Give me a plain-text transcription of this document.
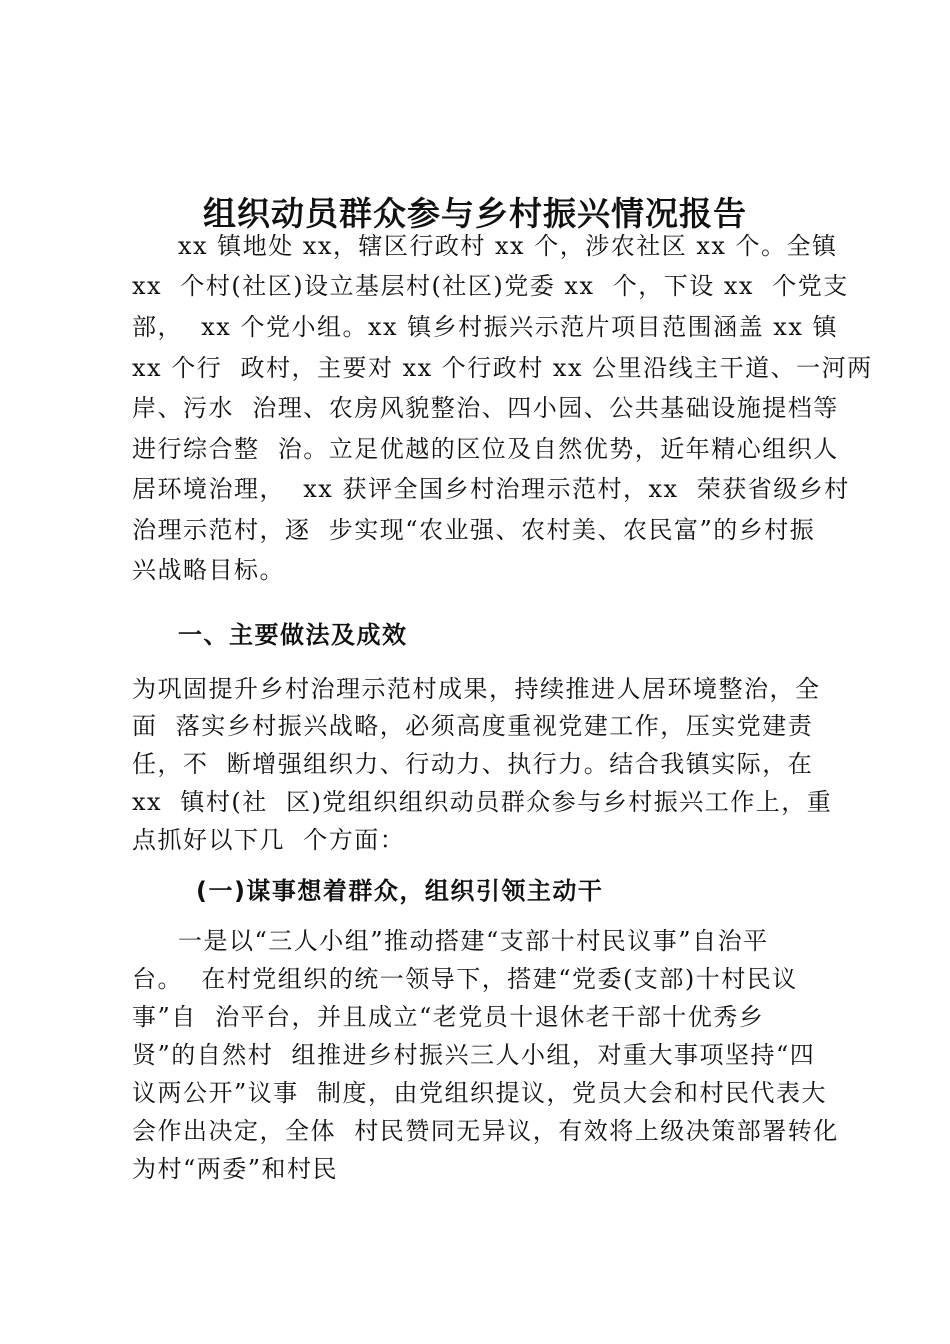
组织动员群众参与乡村振兴情况报告
xx 镇地处 xx，辖区行政村 xx 个，涉农社区 xx 个。全镇
xx  个村(社区)设立基层村(社区)党委 xx  个，下设 xx  个党支
部，  xx 个党小组。xx 镇乡村振兴示范片项目范围涵盖 xx 镇
xx 个行  政村，主要对 xx 个行政村 xx 公里沿线主干道、一河两
岸、污水  治理、农房风貌整治、四小园、公共基础设施提档等
进行综合整  治。立足优越的区位及自然优势，近年精心组织人
居环境治理，  xx 获评全国乡村治理示范村，xx  荣获省级乡村
治理示范村，逐  步实现“农业强、农村美、农民富”的乡村振
兴战略目标。
一、主要做法及成效
为巩固提升乡村治理示范村成果，持续推进人居环境整治，全
面  落实乡村振兴战略，必须高度重视党建工作，压实党建责
任，不  断增强组织力、行动力、执行力。结合我镇实际，在
xx  镇村(社  区)党组织组织动员群众参与乡村振兴工作上，重
点抓好以下几  个方面：
(一)谋事想着群众，组织引领主动干
一是以“三人小组”推动搭建“支部十村民议事”自治平
台。  在村党组织的统一领导下，搭建“党委(支部)十村民议
事”自  治平台，并且成立“老党员十退休老干部十优秀乡
贤”的自然村  组推进乡村振兴三人小组，对重大事项坚持“四
议两公开”议事  制度，由党组织提议，党员大会和村民代表大
会作出决定，全体  村民赞同无异议，有效将上级决策部署转化
为村“两委”和村民
